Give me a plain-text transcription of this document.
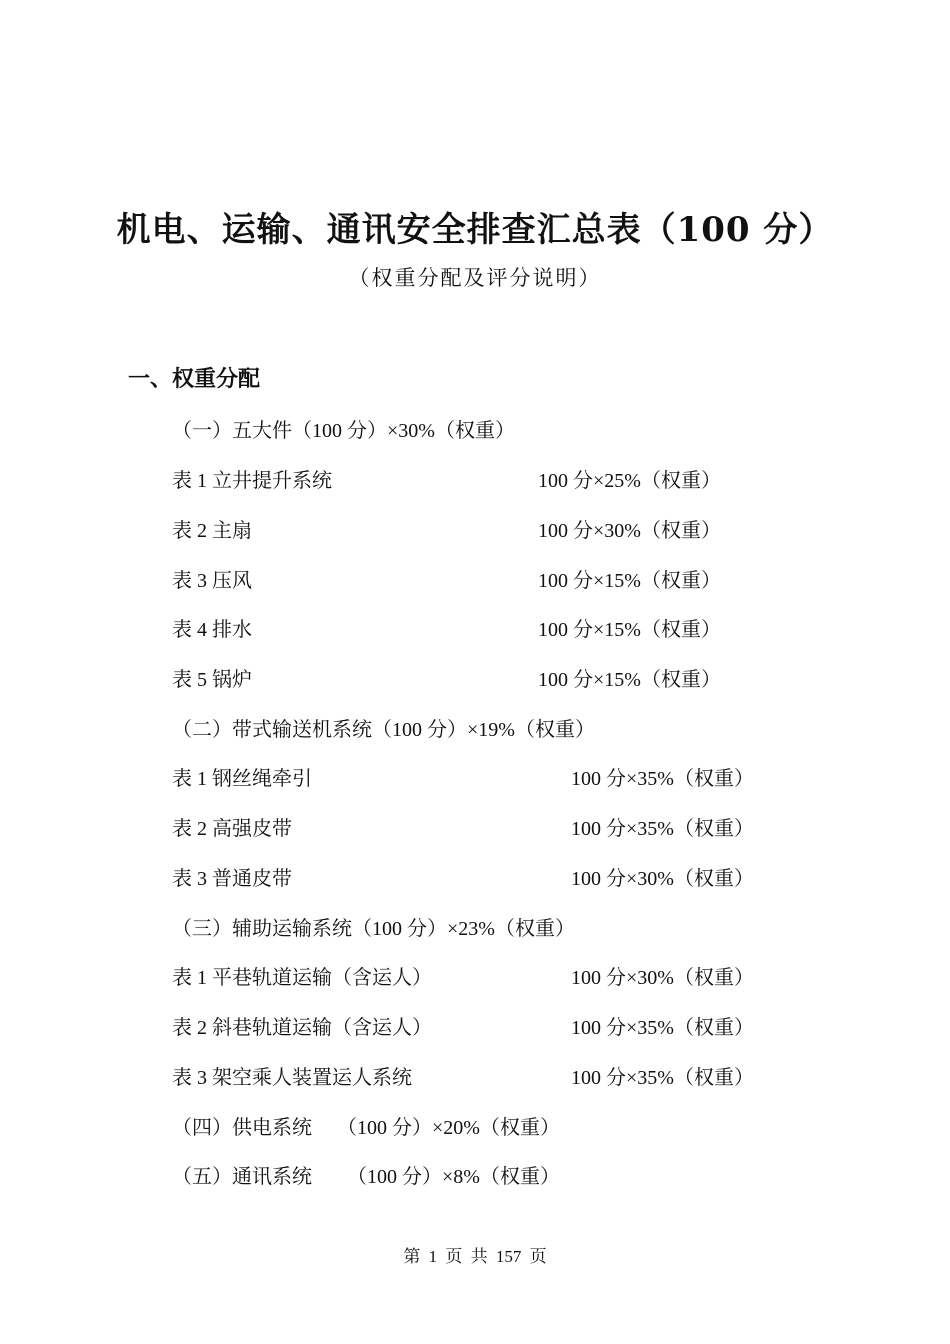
机电、运输、通讯安全排查汇总表（100 分）
（权重分配及评分说明）
一、权重分配
（一）五大件（100 分）×30%（权重）
表 1 立井提升系统	100 分×25%（权重）
表 2 主扇	100 分×30%（权重）
表 3 压风	100 分×15%（权重）
表 4 排水	100 分×15%（权重）
表 5 锅炉	100 分×15%（权重）
（二）带式输送机系统（100 分）×19%（权重）
表 1 钢丝绳牵引	100 分×35%（权重）
表 2 高强皮带	100 分×35%（权重）
表 3 普通皮带	100 分×30%（权重）
（三）辅助运输系统（100 分）×23%（权重）
表 1 平巷轨道运输（含运人）	100 分×30%（权重）
表 2 斜巷轨道运输（含运人）	100 分×35%（权重）
表 3 架空乘人装置运人系统	100 分×35%（权重）
（四）供电系统     （100 分）×20%（权重）
（五）通讯系统       （100 分）×8%（权重）
第 1 页 共 157 页
